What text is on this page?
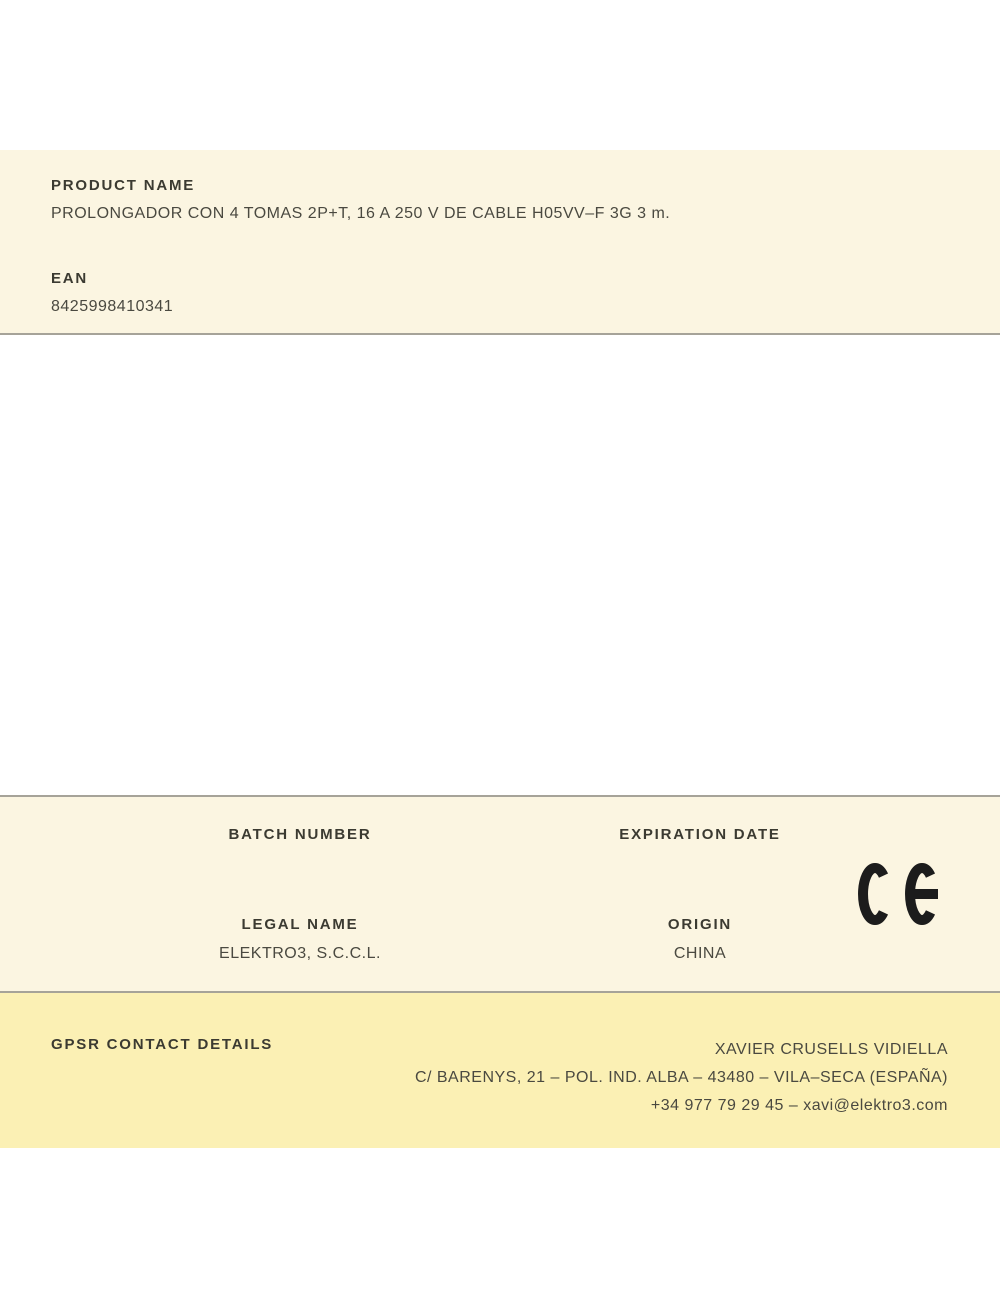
PRODUCT NAME
PROLONGADOR CON 4 TOMAS 2P+T, 16 A 250 V DE CABLE H05VV–F 3G 3 m.
EAN
8425998410341
BATCH NUMBER
LEGAL NAME
ELEKTRO3, S.C.C.L.
EXPIRATION DATE
ORIGIN
CHINA
GPSR CONTACT DETAILS	XAVIER CRUSELLS VIDIELLA
C/ BARENYS, 21 – POL. IND. ALBA – 43480 – VILA–SECA (ESPAÑA)
+34 977 79 29 45 – xavi@elektro3.com
